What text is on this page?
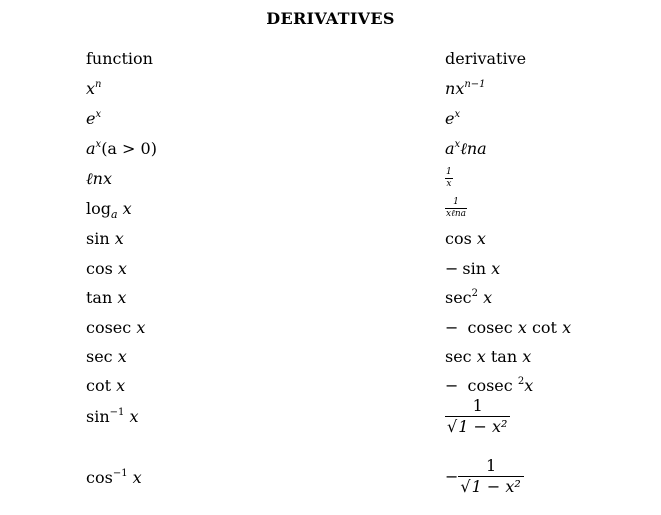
DERIVATIVES
function	derivative
$x^n$	$nx^{n-1}$
$e^x$	$e^x$
$a^x(a > 0)$	$a^x\ell na$
ℓnx	$\frac{1}{x}$
$\log_a x$	$\frac{1}{\text{xℓna}}$
sin x	cos x
cos x	− sin x
tan x	$\sec^2 x$
cosec x	− cosec x cot x
sec x	sec x tan x
cot x	− cosec $^2$x
$\sin^{-1} x$	$\frac{1}{\text{√1 − x²}}$
$\cos^{-1} x$	− $\frac{1}{\text{√1 − x²}}$
